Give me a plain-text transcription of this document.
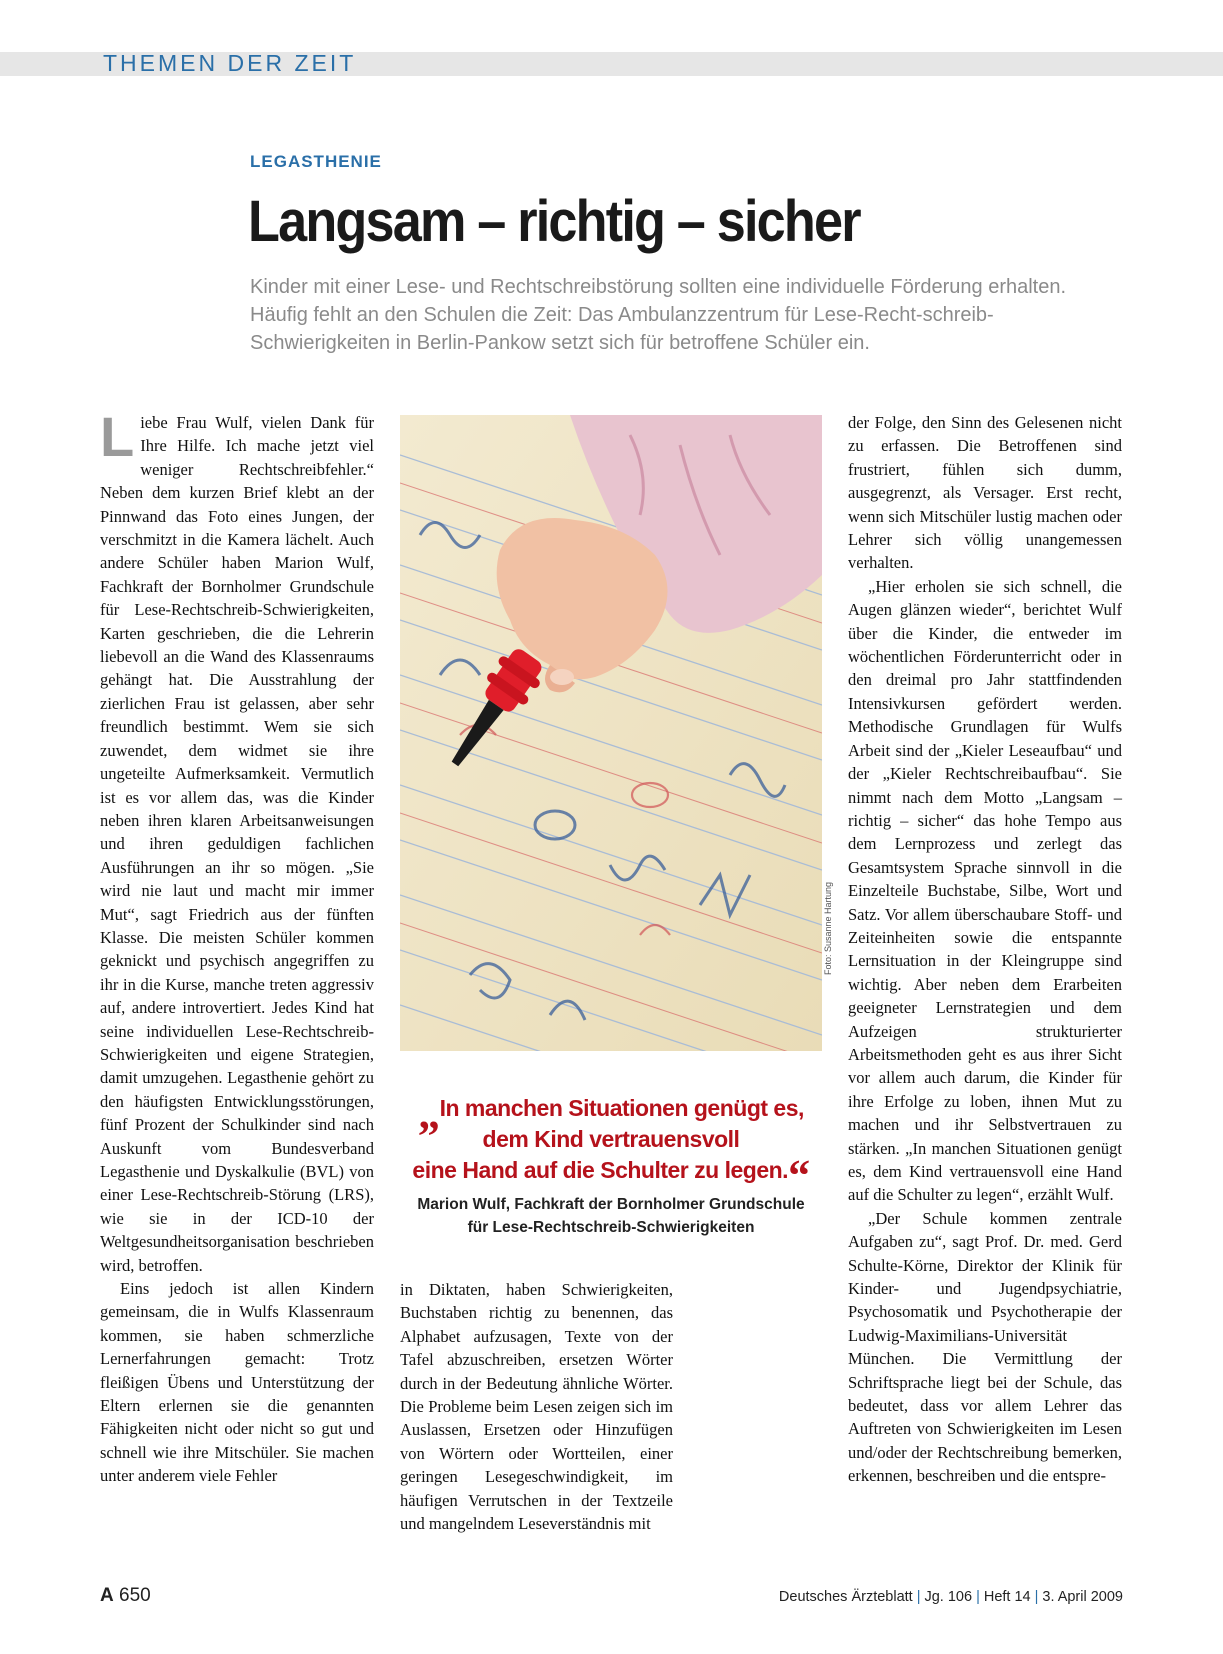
THEMEN DER ZEIT
LEGASTHENIE
Langsam – richtig – sicher
Kinder mit einer Lese- und Rechtschreibstörung sollten eine individuelle Förderung erhalten. Häufig fehlt an den Schulen die Zeit: Das Ambulanzzentrum für Lese-Recht-schreib-Schwierigkeiten in Berlin-Pankow setzt sich für betroffene Schüler ein.

Liebe Frau Wulf, vielen Dank für Ihre Hilfe. Ich mache jetzt viel weniger Rechtschreibfehler.“ Neben dem kurzen Brief klebt an der Pinnwand das Foto eines Jungen, der verschmitzt in die Kamera lächelt. Auch andere Schüler haben Marion Wulf, Fachkraft der Bornholmer Grundschule für Lese-Rechtschreib-Schwierigkeiten, Karten geschrieben, die die Lehrerin liebevoll an die Wand des Klassenraums gehängt hat. Die Ausstrahlung der zierlichen Frau ist gelassen, aber sehr freundlich bestimmt. Wem sie sich zuwendet, dem widmet sie ihre ungeteilte Aufmerksamkeit. Vermutlich ist es vor allem das, was die Kinder neben ihren klaren Arbeitsanweisungen und ihren geduldigen fachlichen Ausführungen an ihr so mögen. „Sie wird nie laut und macht mir immer Mut“, sagt Friedrich aus der fünften Klasse. Die meisten Schüler kommen geknickt und psychisch angegriffen zu ihr in die Kurse, manche treten aggressiv auf, andere introvertiert. Jedes Kind hat seine individuellen Lese-Rechtschreib-Schwierigkeiten und eigene Strategien, damit umzugehen. Legasthenie gehört zu den häufigsten Entwicklungsstörungen, fünf Prozent der Schulkinder sind nach Auskunft vom Bundesverband Legasthenie und Dyskalkulie (BVL) von einer Lese-Rechtschreib-Störung (LRS), wie sie in der ICD-10 der Weltgesundheitsorganisation beschrieben wird, betroffen.

Eins jedoch ist allen Kindern gemeinsam, die in Wulfs Klassenraum kommen, sie haben schmerzliche Lernerfahrungen gemacht: Trotz fleißigen Übens und Unterstützung der Eltern erlernen sie die genannten Fähigkeiten nicht oder nicht so gut und schnell wie ihre Mitschüler. Sie machen unter anderem viele Fehler

Foto: Susanne Hartung
„In manchen Situationen genügt es,
dem Kind vertrauensvoll
eine Hand auf die Schulter zu legen.“
Marion Wulf, Fachkraft der Bornholmer Grundschule
für Lese-Rechtschreib-Schwierigkeiten

in Diktaten, haben Schwierigkeiten, Buchstaben richtig zu benennen, das Alphabet aufzusagen, Texte von der Tafel abzuschreiben, ersetzen Wörter durch in der Bedeutung ähnliche Wörter. Die Probleme beim Lesen zeigen sich im Auslassen, Ersetzen oder Hinzufügen von Wörtern oder Wortteilen, einer geringen Lesegeschwindigkeit, im häufigen Verrutschen in der Textzeile und mangelndem Leseverständnis mit

der Folge, den Sinn des Gelesenen nicht zu erfassen. Die Betroffenen sind frustriert, fühlen sich dumm, ausgegrenzt, als Versager. Erst recht, wenn sich Mitschüler lustig machen oder Lehrer sich völlig unangemessen verhalten.

„Hier erholen sie sich schnell, die Augen glänzen wieder“, berichtet Wulf über die Kinder, die entweder im wöchentlichen Förderunterricht oder in den dreimal pro Jahr stattfindenden Intensivkursen gefördert werden. Methodische Grundlagen für Wulfs Arbeit sind der „Kieler Leseaufbau“ und der „Kieler Rechtschreibaufbau“. Sie nimmt nach dem Motto „Langsam – richtig – sicher“ das hohe Tempo aus dem Lernprozess und zerlegt das Gesamtsystem Sprache sinnvoll in die Einzelteile Buchstabe, Silbe, Wort und Satz. Vor allem überschaubare Stoff- und Zeiteinheiten sowie die entspannte Lernsituation in der Kleingruppe sind wichtig. Aber neben dem Erarbeiten geeigneter Lernstrategien und dem Aufzeigen strukturierter Arbeitsmethoden geht es aus ihrer Sicht vor allem auch darum, die Kinder für ihre Erfolge zu loben, ihnen Mut zu machen und ihr Selbstvertrauen zu stärken. „In manchen Situationen genügt es, dem Kind vertrauensvoll eine Hand auf die Schulter zu legen“, erzählt Wulf.

„Der Schule kommen zentrale Aufgaben zu“, sagt Prof. Dr. med. Gerd Schulte-Körne, Direktor der Klinik für Kinder- und Jugendpsychiatrie, Psychosomatik und Psychotherapie der Ludwig-Maximilians-Universität München. Die Vermittlung der Schriftsprache liegt bei der Schule, das bedeutet, dass vor allem Lehrer das Auftreten von Schwierigkeiten im Lesen und/oder der Rechtschreibung bemerken, erkennen, beschreiben und die entspre-

A 650	Deutsches Ärzteblatt | Jg. 106 | Heft 14 | 3. April 2009
